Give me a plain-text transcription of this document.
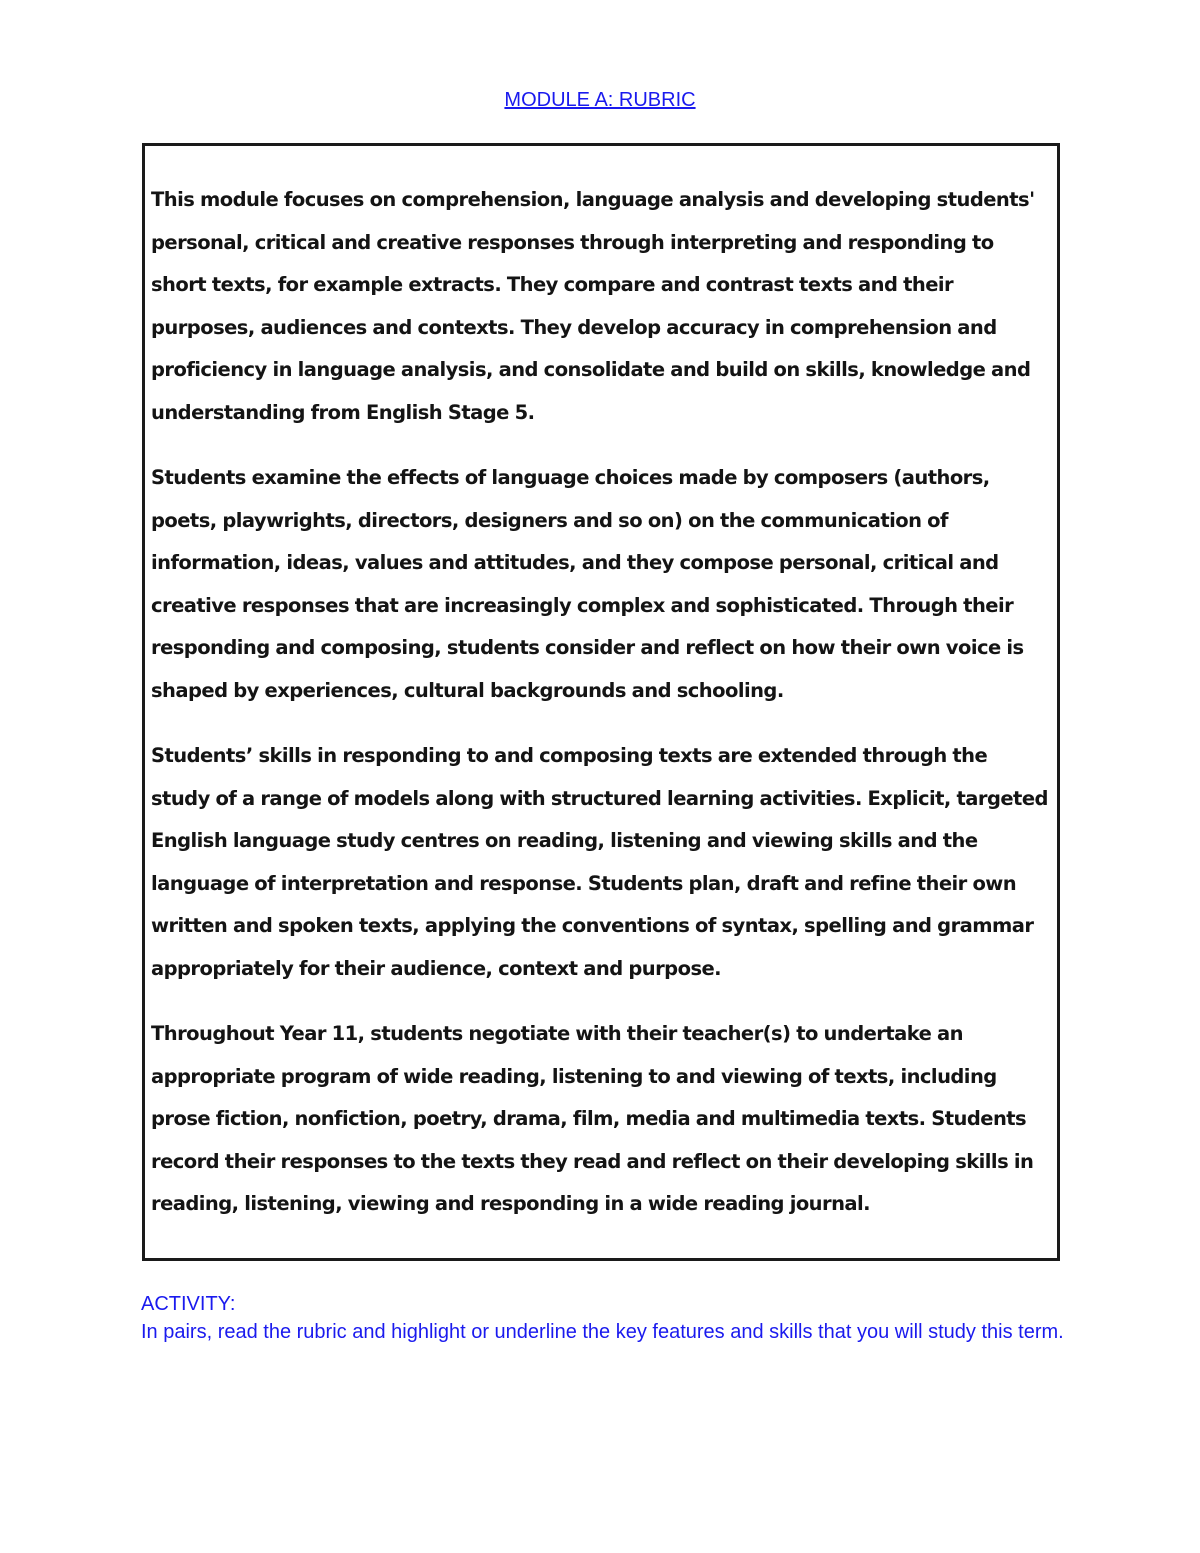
MODULE A: RUBRIC

This module focuses on comprehension, language analysis and developing students' personal, critical and creative responses through interpreting and responding to short texts, for example extracts. They compare and contrast texts and their purposes, audiences and contexts. They develop accuracy in comprehension and proficiency in language analysis, and consolidate and build on skills, knowledge and understanding from English Stage 5.

Students examine the effects of language choices made by composers (authors, poets, playwrights, directors, designers and so on) on the communication of information, ideas, values and attitudes, and they compose personal, critical and creative responses that are increasingly complex and sophisticated. Through their responding and composing, students consider and reflect on how their own voice is shaped by experiences, cultural backgrounds and schooling.

Students’ skills in responding to and composing texts are extended through the study of a range of models along with structured learning activities. Explicit, targeted English language study centres on reading, listening and viewing skills and the language of interpretation and response. Students plan, draft and refine their own written and spoken texts, applying the conventions of syntax, spelling and grammar appropriately for their audience, context and purpose.

Throughout Year 11, students negotiate with their teacher(s) to undertake an appropriate program of wide reading, listening to and viewing of texts, including prose fiction, nonfiction, poetry, drama, film, media and multimedia texts. Students record their responses to the texts they read and reflect on their developing skills in reading, listening, viewing and responding in a wide reading journal.

ACTIVITY:
In pairs, read the rubric and highlight or underline the key features and skills that you will study this term.
